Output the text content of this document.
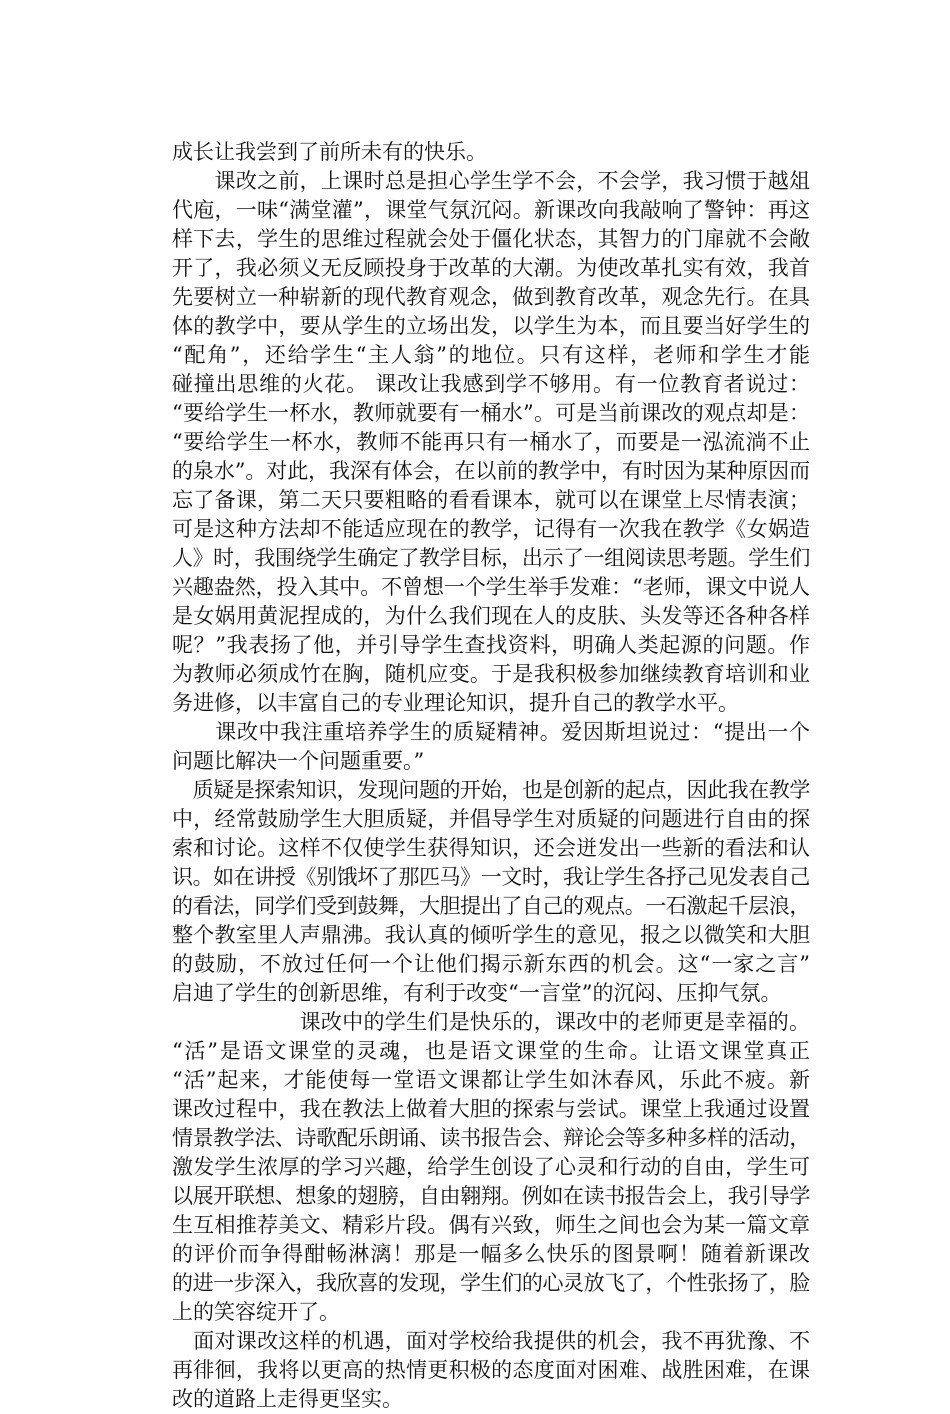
成长让我尝到了前所未有的快乐。
　　课改之前，上课时总是担心学生学不会，不会学，我习惯于越俎
代庖，一味“满堂灌”，课堂气氛沉闷。新课改向我敲响了警钟：再这
样下去，学生的思维过程就会处于僵化状态，其智力的门扉就不会敞
开了，我必须义无反顾投身于改革的大潮。为使改革扎实有效，我首
先要树立一种崭新的现代教育观念，做到教育改革，观念先行。在具
体的教学中，要从学生的立场出发，以学生为本，而且要当好学生的
“配角”，还给学生“主人翁”的地位。只有这样，老师和学生才能
碰撞出思维的火花。 课改让我感到学不够用。有一位教育者说过：
“要给学生一杯水，教师就要有一桶水”。可是当前课改的观点却是：
“要给学生一杯水，教师不能再只有一桶水了，而要是一泓流淌不止
的泉水”。对此，我深有体会，在以前的教学中，有时因为某种原因而
忘了备课，第二天只要粗略的看看课本，就可以在课堂上尽情表演；
可是这种方法却不能适应现在的教学，记得有一次我在教学《女娲造
人》时，我围绕学生确定了教学目标，出示了一组阅读思考题。学生们
兴趣盎然，投入其中。不曾想一个学生举手发难：“老师，课文中说人
是女娲用黄泥捏成的，为什么我们现在人的皮肤、头发等还各种各样
呢？”我表扬了他，并引导学生查找资料，明确人类起源的问题。作
为教师必须成竹在胸，随机应变。于是我积极参加继续教育培训和业
务进修，以丰富自己的专业理论知识，提升自己的教学水平。
　　课改中我注重培养学生的质疑精神。爱因斯坦说过：“提出一个
问题比解决一个问题重要。”
　质疑是探索知识，发现问题的开始，也是创新的起点，因此我在教学
中，经常鼓励学生大胆质疑，并倡导学生对质疑的问题进行自由的探
索和讨论。这样不仅使学生获得知识，还会迸发出一些新的看法和认
识。如在讲授《别饿坏了那匹马》一文时，我让学生各抒己见发表自己
的看法，同学们受到鼓舞，大胆提出了自己的观点。一石激起千层浪，
整个教室里人声鼎沸。我认真的倾听学生的意见，报之以微笑和大胆
的鼓励，不放过任何一个让他们揭示新东西的机会。这“一家之言”
启迪了学生的创新思维，有利于改变“一言堂”的沉闷、压抑气氛。
　　　　　　课改中的学生们是快乐的，课改中的老师更是幸福的。
“活”是语文课堂的灵魂，也是语文课堂的生命。让语文课堂真正
“活”起来，才能使每一堂语文课都让学生如沐春风，乐此不疲。新
课改过程中，我在教法上做着大胆的探索与尝试。课堂上我通过设置
情景教学法、诗歌配乐朗诵、读书报告会、辩论会等多种多样的活动，
激发学生浓厚的学习兴趣，给学生创设了心灵和行动的自由，学生可
以展开联想、想象的翅膀，自由翱翔。例如在读书报告会上，我引导学
生互相推荐美文、精彩片段。偶有兴致，师生之间也会为某一篇文章
的评价而争得酣畅淋漓！那是一幅多么快乐的图景啊！随着新课改
的进一步深入，我欣喜的发现，学生们的心灵放飞了，个性张扬了，脸
上的笑容绽开了。
　面对课改这样的机遇，面对学校给我提供的机会，我不再犹豫、不
再徘徊，我将以更高的热情更积极的态度面对困难、战胜困难，在课
改的道路上走得更坚实。
